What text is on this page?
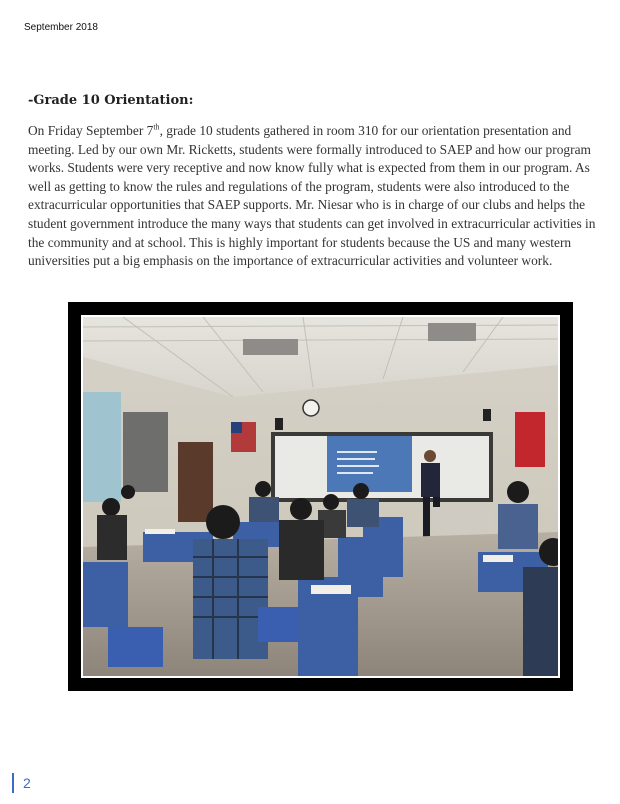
September 2018
-Grade 10 Orientation:

On Friday September 7th, grade 10 students gathered in room 310 for our orientation presentation and meeting. Led by our own Mr. Ricketts, students were formally introduced to SAEP and how our program works. Students were very receptive and now know fully what is expected from them in our program. As well as getting to know the rules and regulations of the program, students were also introduced to the extracurricular opportunities that SAEP supports. Mr. Niesar who is in charge of our clubs and helps the student government introduce the many ways that students can get involved in extracurricular activities in the community and at school. This is highly important for students because the US and many western universities put a big emphasis on the importance of extracurricular activities and volunteer work.

2
